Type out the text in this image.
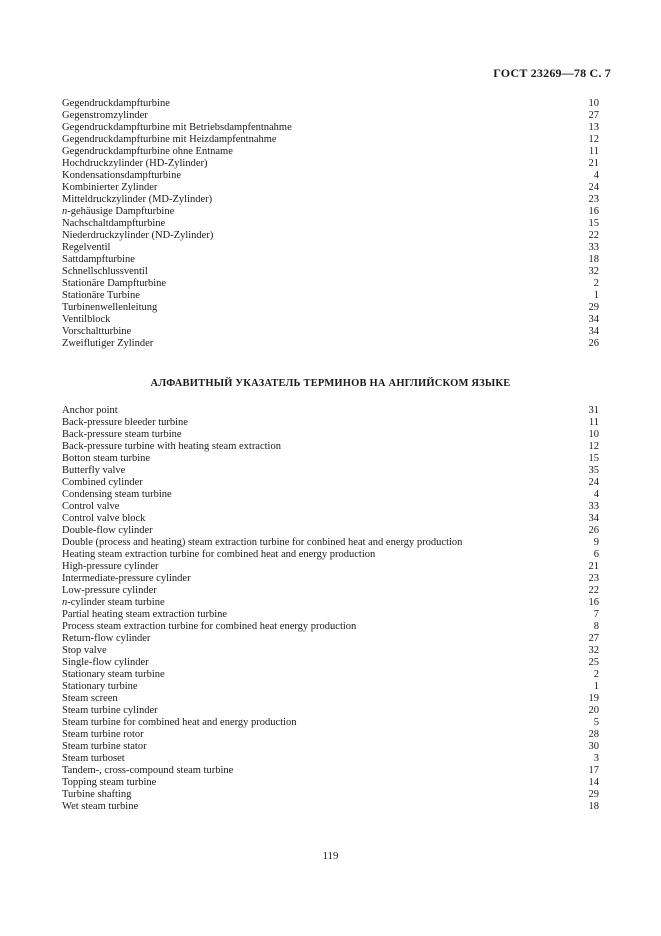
ГОСТ 23269—78 С. 7
Gegendruckdampfturbine	10
Gegenstromzylinder	27
Gegendruckdampfturbine mit Betriebsdampfentnahme	13
Gegendruckdampfturbine mit Heizdampfentnahme	12
Gegendruckdampfturbine ohne Entname	11
Hochdruckzylinder (HD-Zylinder)	21
Kondensationsdampfturbine	4
Kombinierter Zylinder	24
Mitteldruckzylinder (MD-Zylinder)	23
n-gehäusige Dampfturbine	16
Nachschaltdampfturbine	15
Niederdruckzylinder (ND-Zylinder)	22
Regelventil	33
Sattdampfturbine	18
Schnellschlussventil	32
Stationäre Dampfturbine	2
Stationäre Turbine	1
Turbinenwellenleitung	29
Ventilblock	34
Vorschaltturbine	34
Zweiflutiger Zylinder	26
АЛФАВИТНЫЙ УКАЗАТЕЛЬ ТЕРМИНОВ НА АНГЛИЙСКОМ ЯЗЫКЕ
Anchor point	31
Back-pressure bleeder turbine	11
Back-pressure steam turbine	10
Back-pressure turbine with heating steam extraction	12
Botton steam turbine	15
Butterfly valve	35
Combined cylinder	24
Condensing steam turbine	4
Control valve	33
Control valve block	34
Double-flow cylinder	26
Double (process and heating) steam extraction turbine for conbined heat and energy production	9
Heating steam extraction turbine for combined heat and energy production	6
High-pressure cylinder	21
Intermediate-pressure cylinder	23
Low-pressure cylinder	22
n-cylinder steam turbine	16
Partial heating steam extraction turbine	7
Process steam extraction turbine for combined heat energy production	8
Return-flow cylinder	27
Stop valve	32
Single-flow cylinder	25
Stationary steam turbine	2
Stationary turbine	1
Steam screen	19
Steam turbine cylinder	20
Steam turbine for combined heat and energy production	5
Steam turbine rotor	28
Steam turbine stator	30
Steam turboset	3
Tandem-, cross-compound steam turbine	17
Topping steam turbine	14
Turbine shafting	29
Wet steam turbine	18
119
